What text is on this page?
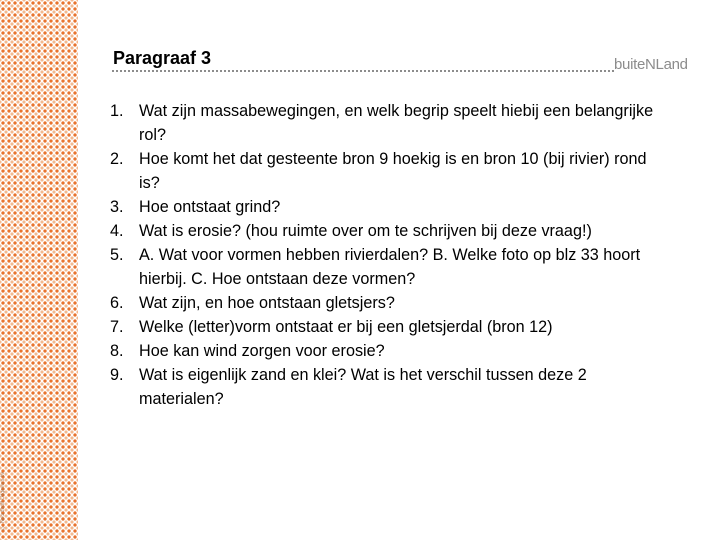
© Noordhoff Uitgevers bv
Paragraaf 3	buiteNLand
1. Wat zijn massabewegingen, en welk begrip speelt hiebij een belangrijke rol?
2. Hoe komt het dat gesteente bron 9 hoekig is en bron 10 (bij rivier) rond is?
3. Hoe ontstaat grind?
4. Wat is erosie? (hou ruimte over om te schrijven bij deze vraag!)
5. A. Wat voor vormen hebben rivierdalen? B. Welke foto op blz 33 hoort hierbij. C. Hoe ontstaan deze vormen?
6. Wat zijn, en hoe ontstaan gletsjers?
7. Welke (letter)vorm ontstaat er bij een gletsjerdal (bron 12)
8. Hoe kan wind zorgen voor erosie?
9. Wat is eigenlijk zand en klei? Wat is het verschil tussen deze 2 materialen?
